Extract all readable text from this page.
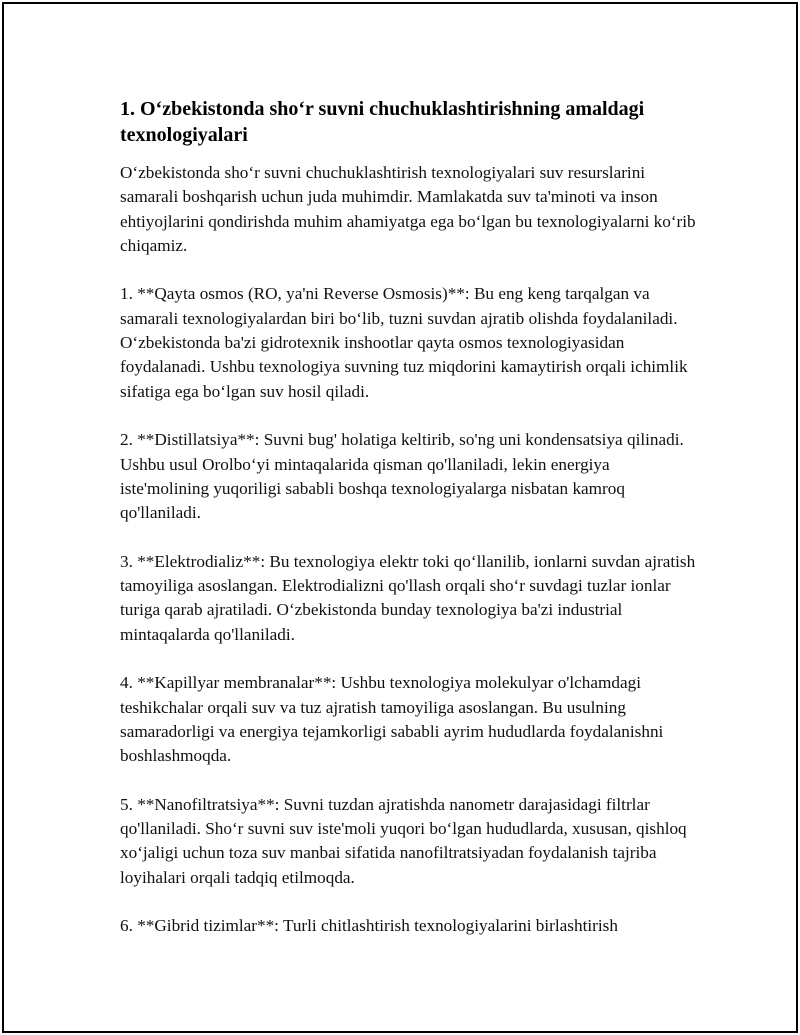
1. O‘zbekistonda sho‘r suvni chuchuklashtirishning amaldagi texnologiyalari

O‘zbekistonda sho‘r suvni chuchuklashtirish texnologiyalari suv resurslarini samarali boshqarish uchun juda muhimdir. Mamlakatda suv ta'minoti va inson ehtiyojlarini qondirishda muhim ahamiyatga ega bo‘lgan bu texnologiyalarni ko‘rib chiqamiz.

1. **Qayta osmos (RO, ya'ni Reverse Osmosis)**: Bu eng keng tarqalgan va samarali texnologiyalardan biri bo‘lib, tuzni suvdan ajratib olishda foydalaniladi. O‘zbekistonda ba'zi gidrotexnik inshootlar qayta osmos texnologiyasidan foydalanadi. Ushbu texnologiya suvning tuz miqdorini kamaytirish orqali ichimlik sifatiga ega bo‘lgan suv hosil qiladi.

2. **Distillatsiya**: Suvni bug' holatiga keltirib, so'ng uni kondensatsiya qilinadi. Ushbu usul Orolbo‘yi mintaqalarida qisman qo'llaniladi, lekin energiya iste'molining yuqoriligi sababli boshqa texnologiyalarga nisbatan kamroq qo'llaniladi.

3. **Elektrodializ**: Bu texnologiya elektr toki qo‘llanilib, ionlarni suvdan ajratish tamoyiliga asoslangan. Elektrodializni qo'llash orqali sho‘r suvdagi tuzlar ionlar turiga qarab ajratiladi. O‘zbekistonda bunday texnologiya ba'zi industrial mintaqalarda qo'llaniladi.

4. **Kapillyar membranalar**: Ushbu texnologiya molekulyar o'lchamdagi teshikchalar orqali suv va tuz ajratish tamoyiliga asoslangan. Bu usulning samaradorligi va energiya tejamkorligi sababli ayrim hududlarda foydalanishni boshlashmoqda.

5. **Nanofiltratsiya**: Suvni tuzdan ajratishda nanometr darajasidagi filtrlar qo'llaniladi. Sho‘r suvni suv iste'moli yuqori bo‘lgan hududlarda, xususan, qishloq xo‘jaligi uchun toza suv manbai sifatida nanofiltratsiyadan foydalanish tajriba loyihalari orqali tadqiq etilmoqda.

6. **Gibrid tizimlar**: Turli chitlashtirish texnologiyalarini birlashtirish
